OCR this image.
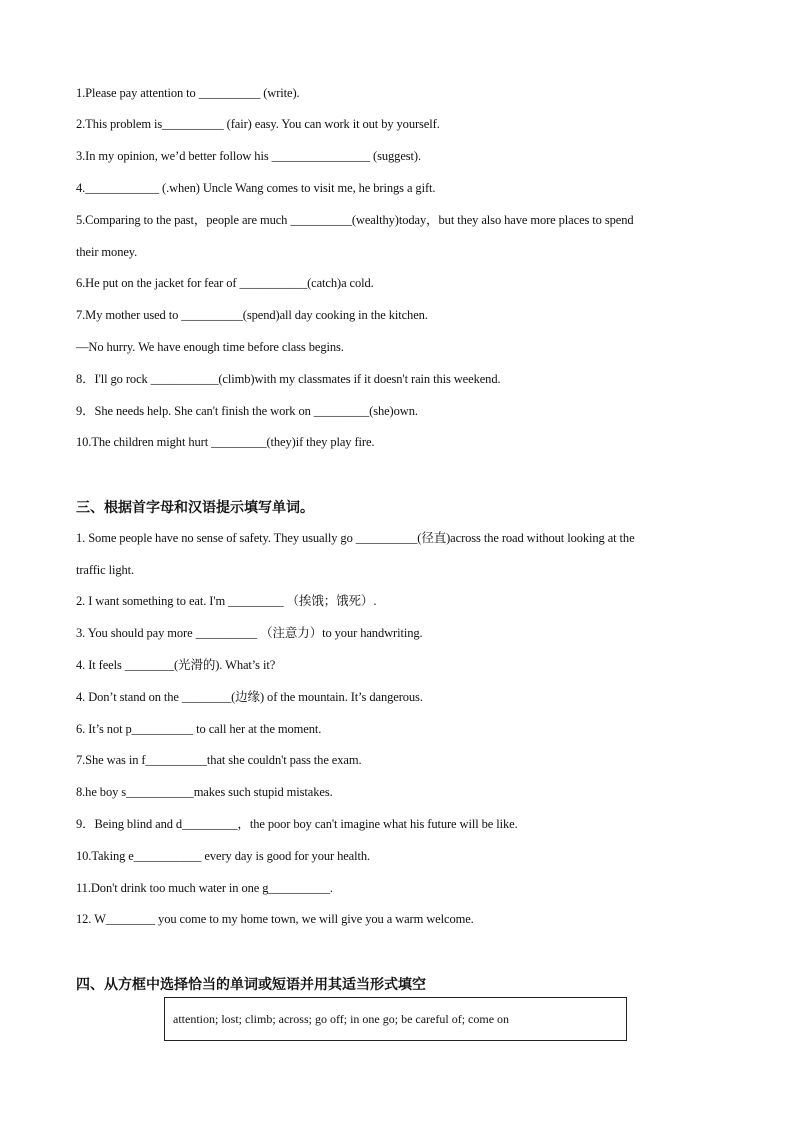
1.Please pay attention to __________ (write).
2.This problem is__________ (fair) easy. You can work it out by yourself.
3.In my opinion, we’d better follow his ________________ (suggest).
4.____________ (.when) Uncle Wang comes to visit me, he brings a gift.
5.Comparing to the past，people are much __________(wealthy)today，but they also have more places to spend
their money.
6.He put on the jacket for fear of ___________(catch)a cold.
7.My mother used to __________(spend)all day cooking in the kitchen.
—No hurry. We have enough time before class begins.
8．I'll go rock ___________(climb)with my classmates if it doesn't rain this weekend.
9．She needs help. She can't finish the work on _________(she)own.
10.The children might hurt _________(they)if they play fire.
三、根据首字母和汉语提示填写单词。
1. Some people have no sense of safety. They usually go __________(径直)across the road without looking at the
traffic light.
2. I want something to eat. I'm _________ （挨饿；饿死）.
3. You should pay more __________ （注意力）to your handwriting.
4. It feels ________(光滑的). What’s it?
4. Don’t stand on the ________(边缘) of the mountain. It’s dangerous.
6. It’s not p__________ to call her at the moment.
7.She was in f__________that she couldn't pass the exam.
8.he boy s___________makes such stupid mistakes.
9．Being blind and d_________，the poor boy can't imagine what his future will be like.
10.Taking e___________ every day is good for your health.
11.Don't drink too much water in one g__________.
12. W________ you come to my home town, we will give you a warm welcome.
四、从方框中选择恰当的单词或短语并用其适当形式填空
attention; lost; climb; across; go off; in one go; be careful of; come on
